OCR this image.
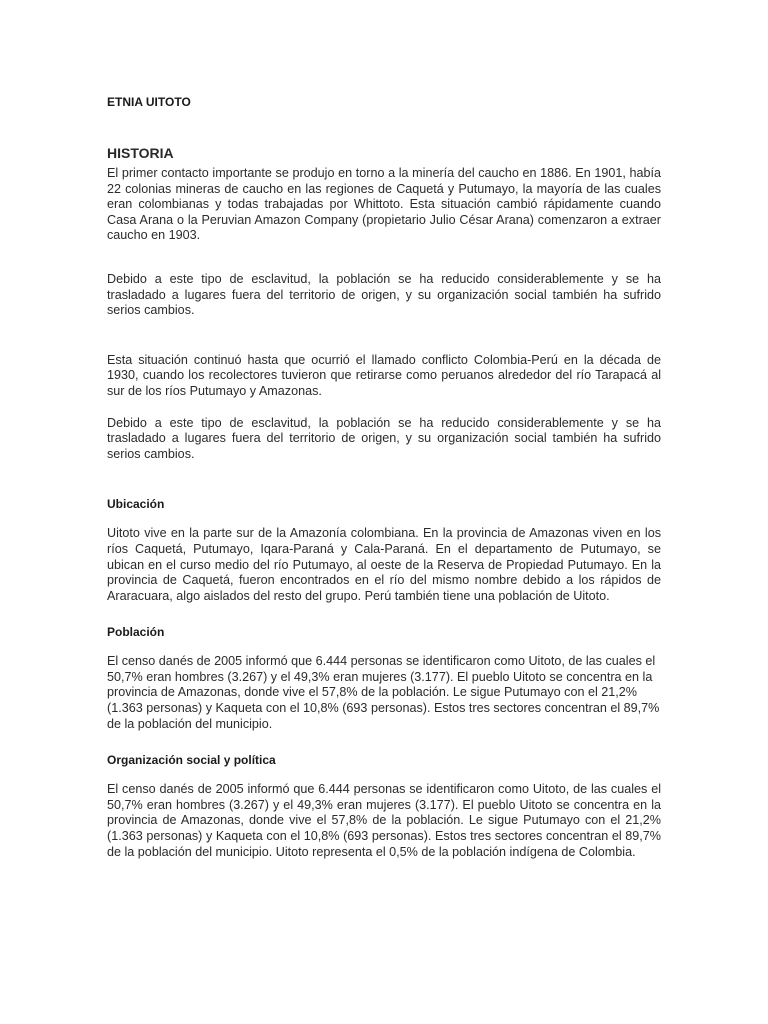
ETNIA UITOTO
HISTORIA

El primer contacto importante se produjo en torno a la minería del caucho en 1886. En 1901, había 22 colonias mineras de caucho en las regiones de Caquetá y Putumayo, la mayoría de las cuales eran colombianas y todas trabajadas por Whittoto. Esta situación cambió rápidamente cuando Casa Arana o la Peruvian Amazon Company (propietario Julio César Arana) comenzaron a extraer caucho en 1903.

Debido a este tipo de esclavitud, la población se ha reducido considerablemente y se ha trasladado a lugares fuera del territorio de origen, y su organización social también ha sufrido serios cambios.

Esta situación continuó hasta que ocurrió el llamado conflicto Colombia-Perú en la década de 1930, cuando los recolectores tuvieron que retirarse como peruanos alrededor del río Tarapacá al sur de los ríos Putumayo y Amazonas.

Debido a este tipo de esclavitud, la población se ha reducido considerablemente y se ha trasladado a lugares fuera del territorio de origen, y su organización social también ha sufrido serios cambios.

Ubicación

Uitoto vive en la parte sur de la Amazonía colombiana. En la provincia de Amazonas viven en los ríos Caquetá, Putumayo, Iqara-Paraná y Cala-Paraná. En el departamento de Putumayo, se ubican en el curso medio del río Putumayo, al oeste de la Reserva de Propiedad Putumayo. En la provincia de Caquetá, fueron encontrados en el río del mismo nombre debido a los rápidos de Araracuara, algo aislados del resto del grupo. Perú también tiene una población de Uitoto.

Población

El censo danés de 2005 informó que 6.444 personas se identificaron como Uitoto, de las cuales el 50,7% eran hombres (3.267) y el 49,3% eran mujeres (3.177). El pueblo Uitoto se concentra en la provincia de Amazonas, donde vive el 57,8% de la población. Le sigue Putumayo con el 21,2% (1.363 personas) y Kaqueta con el 10,8% (693 personas). Estos tres sectores concentran el 89,7% de la población del municipio.

Organización social y política

El censo danés de 2005 informó que 6.444 personas se identificaron como Uitoto, de las cuales el 50,7% eran hombres (3.267) y el 49,3% eran mujeres (3.177). El pueblo Uitoto se concentra en la provincia de Amazonas, donde vive el 57,8% de la población. Le sigue Putumayo con el 21,2% (1.363 personas) y Kaqueta con el 10,8% (693 personas). Estos tres sectores concentran el 89,7% de la población del municipio. Uitoto representa el 0,5% de la población indígena de Colombia.
